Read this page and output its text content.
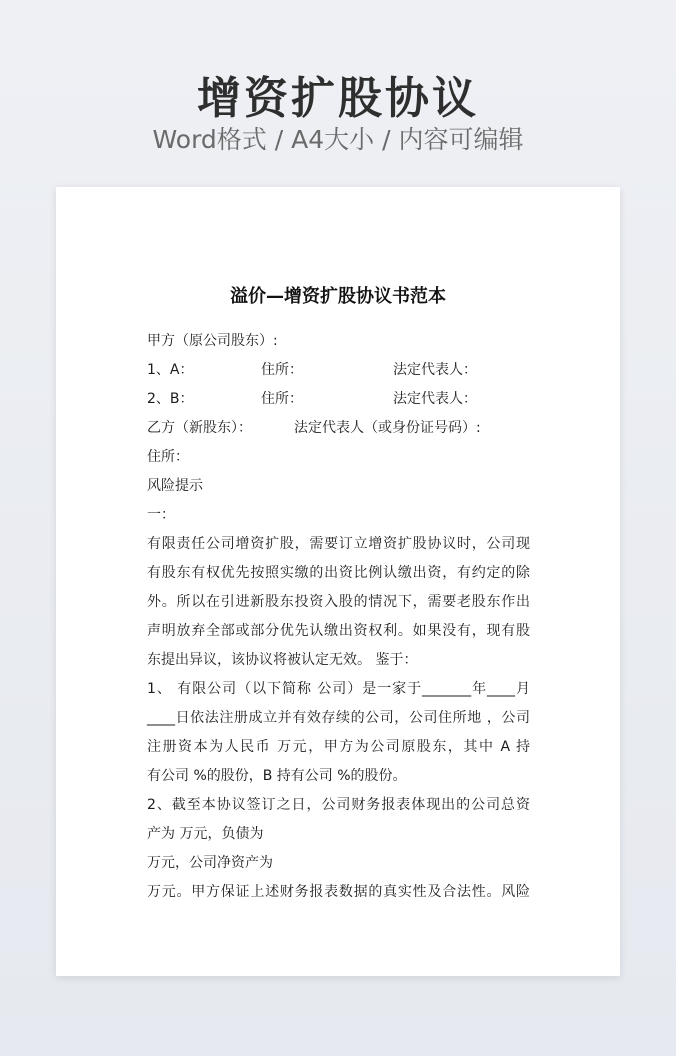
增资扩股协议
Word格式 / A4大小 / 内容可编辑
溢价—增资扩股协议书范本
甲方（原公司股东）:
1、A：	住所：	法定代表人：
2、B：	住所：	法定代表人：
乙方（新股东）：	法定代表人（或身份证号码）:
住所：
风险提示
一：
有限责任公司增资扩股，需要订立增资扩股协议时，公司现
有股东有权优先按照实缴的出资比例认缴出资，有约定的除
外。所以在引进新股东投资入股的情况下，需要老股东作出
声明放弃全部或部分优先认缴出资权利。如果没有，现有股
东提出异议，该协议将被认定无效。 鉴于：
1、 有限公司（以下简称 公司）是一家于_______年____月
____日依法注册成立并有效存续的公司，公司住所地 ，公司
注册资本为人民币 万元，甲方为公司原股东，其中 A 持
有公司 %的股份，B 持有公司 %的股份。
2、截至本协议签订之日，公司财务报表体现出的公司总资
产为 万元，负债为
万元，公司净资产为
万元。甲方保证上述财务报表数据的真实性及合法性。风险
